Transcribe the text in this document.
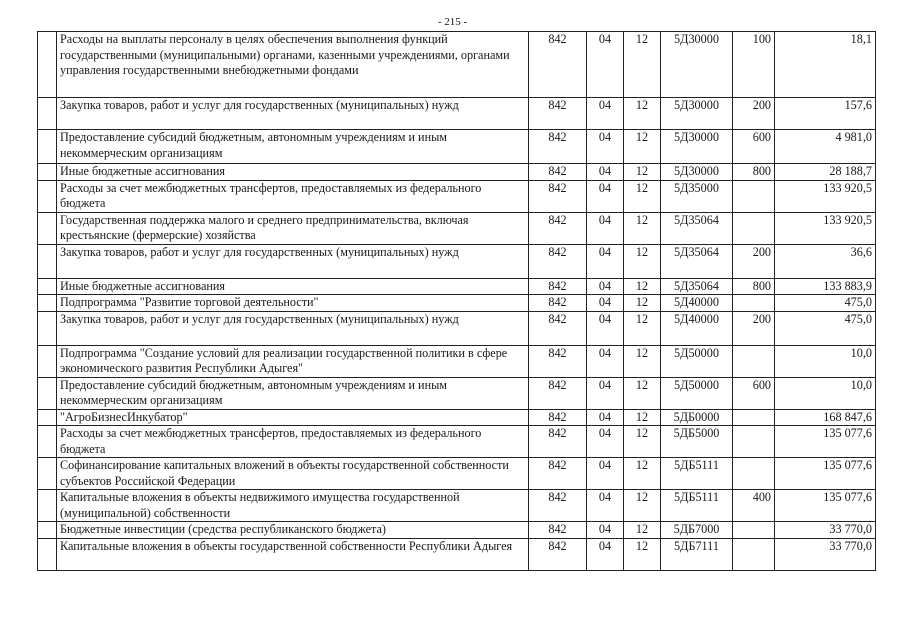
- 215 -
	Расходы на выплаты персоналу в целях обеспечения выполнения функций государственными (муниципальными) органами, казенными учреждениями, органами управления государственными внебюджетными фондами	842	04	12	5Д30000	100	18,1
	Закупка товаров, работ и услуг для государственных (муниципальных) нужд	842	04	12	5Д30000	200	157,6
	Предоставление субсидий бюджетным, автономным учреждениям и иным некоммерческим организациям	842	04	12	5Д30000	600	4 981,0
	Иные бюджетные ассигнования	842	04	12	5Д30000	800	28 188,7
	Расходы за счет межбюджетных трансфертов, предоставляемых из федерального бюджета	842	04	12	5Д35000		133 920,5
	Государственная поддержка малого и среднего предпринимательства, включая крестьянские (фермерские) хозяйства	842	04	12	5Д35064		133 920,5
	Закупка товаров, работ и услуг для государственных (муниципальных) нужд	842	04	12	5Д35064	200	36,6
	Иные бюджетные ассигнования	842	04	12	5Д35064	800	133 883,9
	Подпрограмма "Развитие торговой деятельности"	842	04	12	5Д40000		475,0
	Закупка товаров, работ и услуг для государственных (муниципальных) нужд	842	04	12	5Д40000	200	475,0
	Подпрограмма "Создание условий для реализации государственной политики в сфере экономического развития Республики Адыгея"	842	04	12	5Д50000		10,0
	Предоставление субсидий бюджетным, автономным учреждениям и иным некоммерческим организациям	842	04	12	5Д50000	600	10,0
	"АгроБизнесИнкубатор"	842	04	12	5ДБ0000		168 847,6
	Расходы за счет межбюджетных трансфертов, предоставляемых из федерального бюджета	842	04	12	5ДБ5000		135 077,6
	Софинансирование капитальных вложений в объекты государственной собственности субъектов Российской Федерации	842	04	12	5ДБ5111		135 077,6
	Капитальные вложения в объекты недвижимого имущества государственной (муниципальной) собственности	842	04	12	5ДБ5111	400	135 077,6
	Бюджетные инвестиции (средства республиканского бюджета)	842	04	12	5ДБ7000		33 770,0
	Капитальные вложения в объекты государственной собственности Республики Адыгея	842	04	12	5ДБ7111		33 770,0
